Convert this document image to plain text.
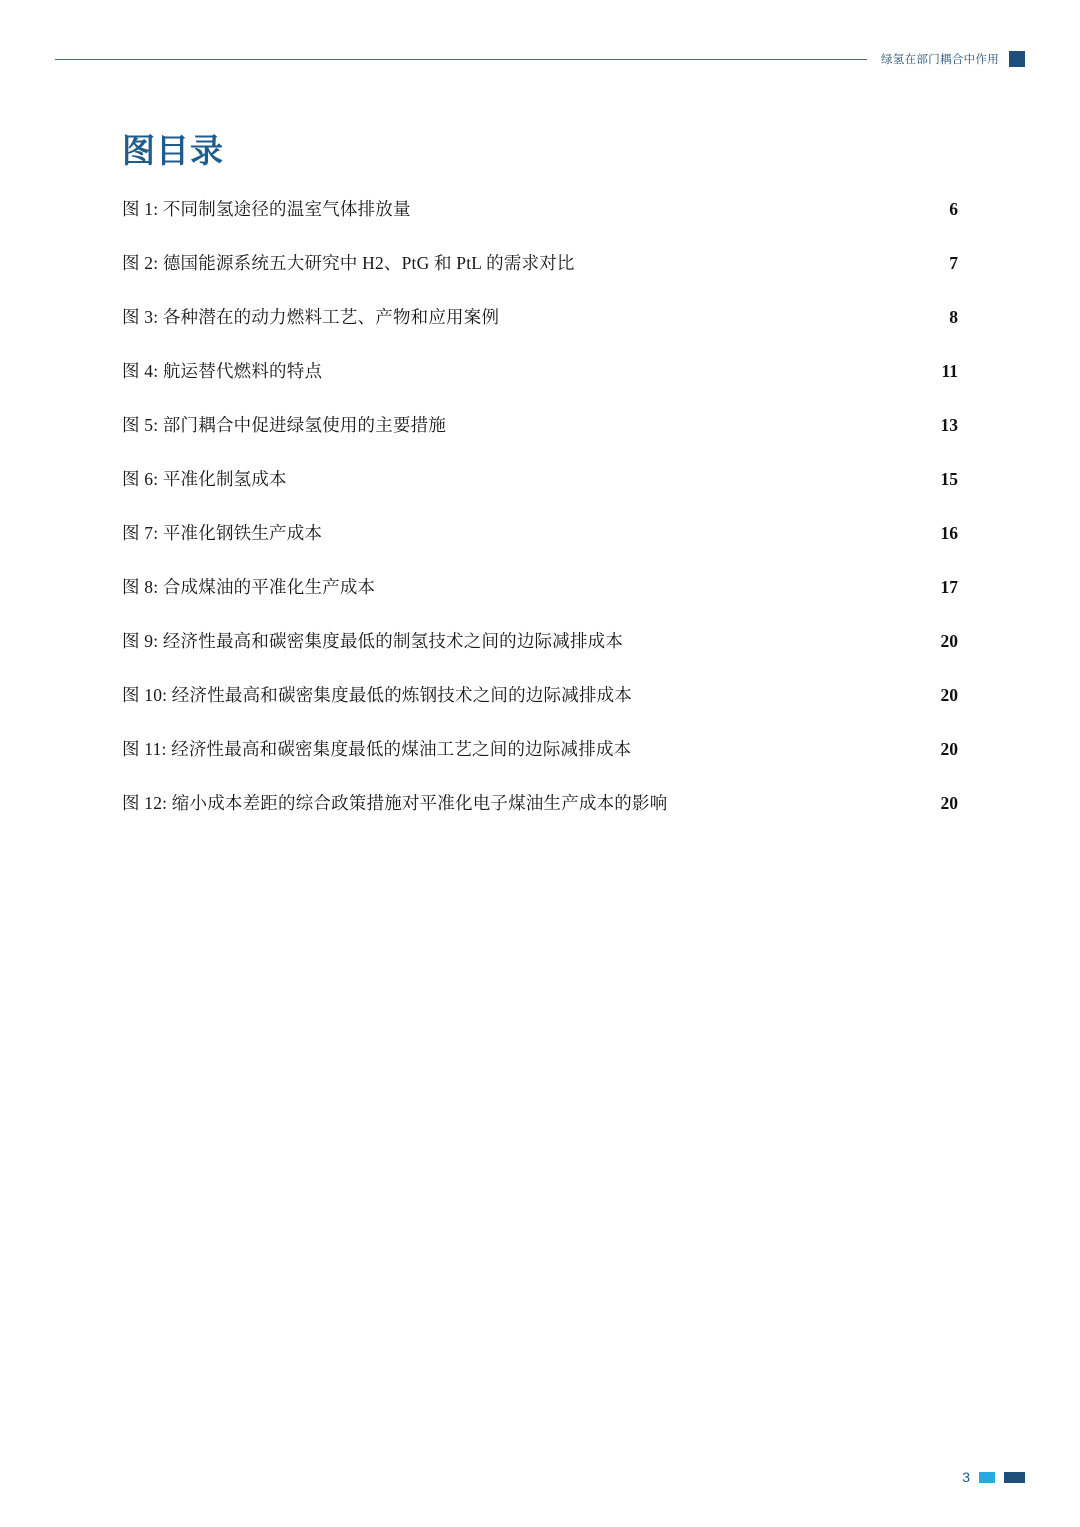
绿氢在部门耦合中作用
图目录
图 1: 不同制氢途径的温室气体排放量 ·····	6
图 2: 德国能源系统五大研究中 H2、PtG 和 PtL 的需求对比 ·····	7
图 3: 各种潜在的动力燃料工艺、产物和应用案例 ·····	8
图 4: 航运替代燃料的特点 ·····	11
图 5: 部门耦合中促进绿氢使用的主要措施 ·····	13
图 6: 平准化制氢成本 ·····	15
图 7: 平准化钢铁生产成本 ·····	16
图 8: 合成煤油的平准化生产成本 ·····	17
图 9: 经济性最高和碳密集度最低的制氢技术之间的边际减排成本 ·····	20
图 10: 经济性最高和碳密集度最低的炼钢技术之间的边际减排成本 ·····	20
图 11: 经济性最高和碳密集度最低的煤油工艺之间的边际减排成本 ·····	20
图 12: 缩小成本差距的综合政策措施对平准化电子煤油生产成本的影响 ·····	20
3
